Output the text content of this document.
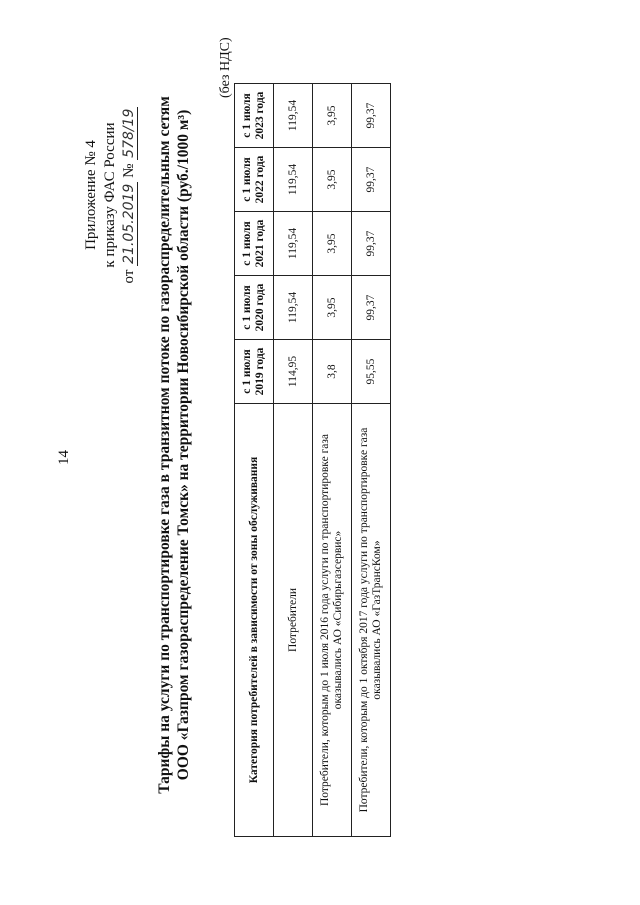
14
Приложение № 4 к приказу ФАС России
от 21.05.2019 № 578/19 Тарифы на услуги по транспортировке газа в транзитном потоке по газораспределительным сетям ООО «Газпром газораспределение Томск» на территории Новосибирской области (руб./1000 м³)
(без НДС)
Категория потребителей в зависимости от зоны обслуживания	с 1 июля 2019 года	с 1 июля 2020 года	с 1 июля 2021 года	с 1 июля 2022 года	с 1 июля 2023 года
Потребители	114,95	119,54	119,54	119,54	119,54
Потребители, которым до 1 июля 2016 года услуги по транспортировке газа оказывались АО «Сибирьгазсервис»	3,8	3,95	3,95	3,95	3,95
Потребители, которым до 1 октября 2017 года услуги по транспортировке газа оказывались АО «ГазТрансКом»	95,55	99,37	99,37	99,37	99,37
